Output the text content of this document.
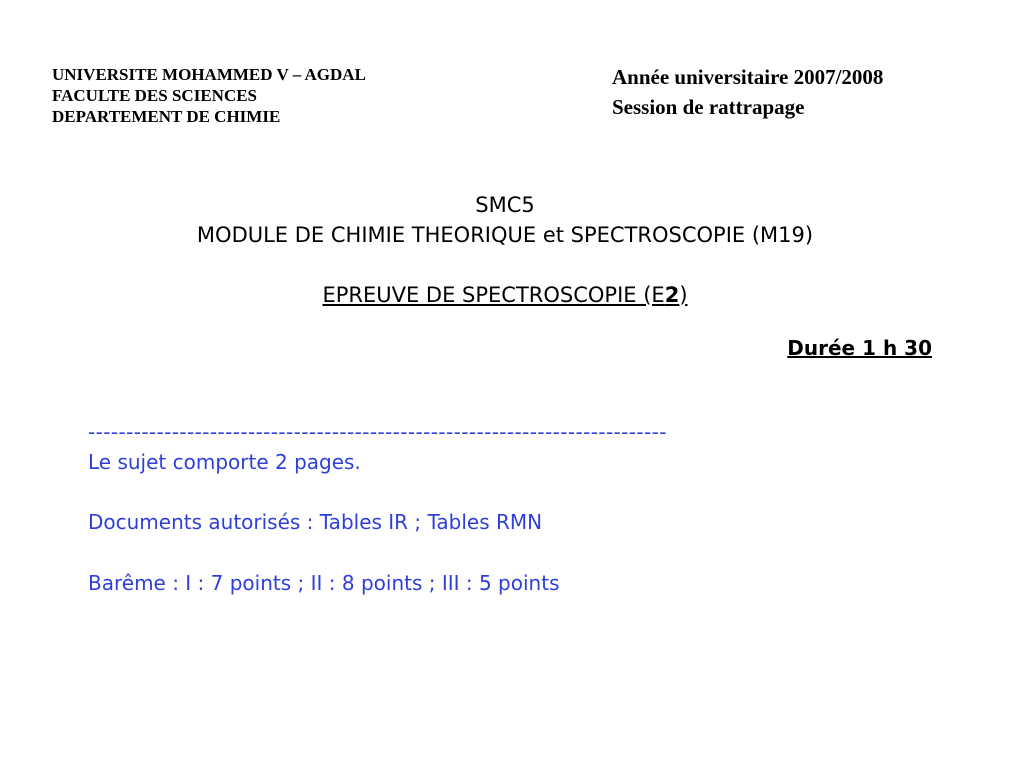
UNIVERSITE MOHAMMED V – AGDAL
FACULTE DES SCIENCES
DEPARTEMENT DE CHIMIE
Année universitaire 2007/2008
Session de rattrapage
SMC5
MODULE DE CHIMIE THEORIQUE et SPECTROSCOPIE (M19)
EPREUVE DE SPECTROSCOPIE (E2)
Durée 1 h 30
----------------------------------------------------------------------------
Le sujet comporte 2 pages.
Documents autorisés : Tables IR ; Tables RMN
Barême : I : 7 points ; II : 8 points ; III : 5 points
